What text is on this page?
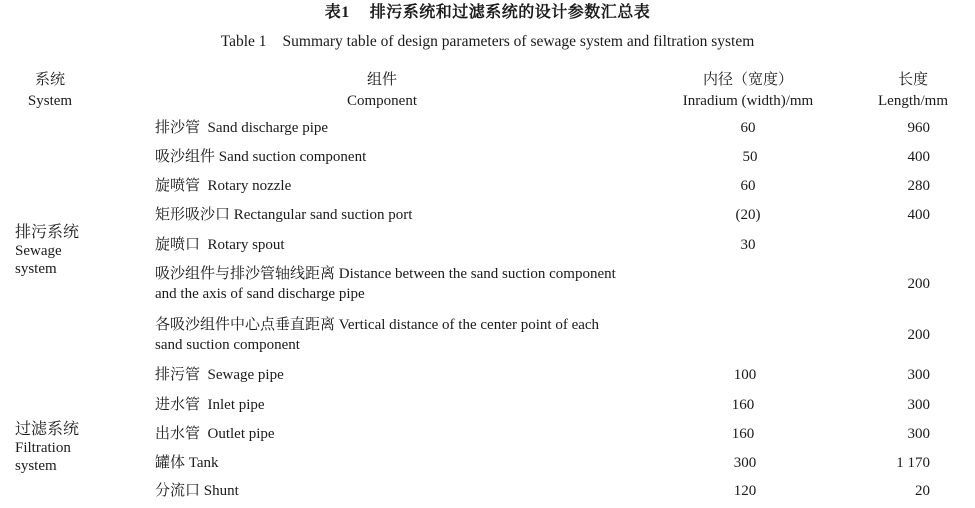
表1 排污系统和过滤系统的设计参数汇总表
Table 1 Summary table of design parameters of sewage system and filtration system
系统
System
组件
Component
内径（宽度）
Inradium (width)/mm
长度
Length/mm
排污系统
Sewage system
过滤系统
Filtration system
排沙管 Sand discharge pipe
吸沙组件 Sand suction component
旋喷管 Rotary nozzle
矩形吸沙口 Rectangular sand suction port
旋喷口 Rotary spout
吸沙组件与排沙管轴线距离 Distance between the sand suction component and the axis of sand discharge pipe
各吸沙组件中心点垂直距离 Vertical distance of the center point of each sand suction component
排污管 Sewage pipe
进水管 Inlet pipe
出水管 Outlet pipe
罐体 Tank
分流口 Shunt
60
50
60
(20)
30
100
160
160
300
120
960
400
280
400
200
200
300
300
300
1 170
20
